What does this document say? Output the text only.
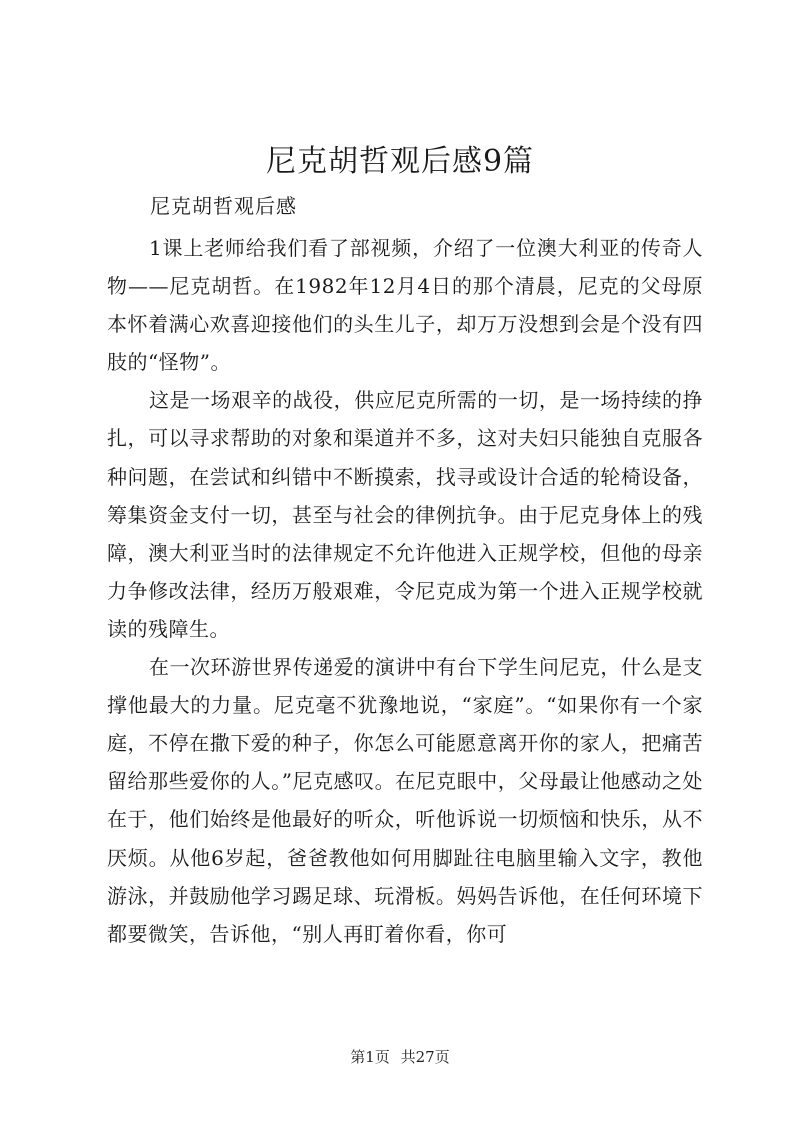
尼克胡哲观后感9篇

尼克胡哲观后感

1课上老师给我们看了部视频，介绍了一位澳大利亚的传奇人物——尼克胡哲。在1982年12月4日的那个清晨，尼克的父母原本怀着满心欢喜迎接他们的头生儿子，却万万没想到会是个没有四肢的“怪物”。

这是一场艰辛的战役，供应尼克所需的一切，是一场持续的挣扎，可以寻求帮助的对象和渠道并不多，这对夫妇只能独自克服各种问题，在尝试和纠错中不断摸索，找寻或设计合适的轮椅设备，筹集资金支付一切，甚至与社会的律例抗争。由于尼克身体上的残障，澳大利亚当时的法律规定不允许他进入正规学校，但他的母亲力争修改法律，经历万般艰难，令尼克成为第一个进入正规学校就读的残障生。

在一次环游世界传递爱的演讲中有台下学生问尼克，什么是支撑他最大的力量。尼克毫不犹豫地说，“家庭”。“如果你有一个家庭，不停在撒下爱的种子，你怎么可能愿意离开你的家人，把痛苦留给那些爱你的人。”尼克感叹。在尼克眼中，父母最让他感动之处在于，他们始终是他最好的听众，听他诉说一切烦恼和快乐，从不厌烦。从他6岁起，爸爸教他如何用脚趾往电脑里输入文字，教他游泳，并鼓励他学习踢足球、玩滑板。妈妈告诉他，在任何环境下都要微笑，告诉他，“别人再盯着你看，你可

第1页 共27页
